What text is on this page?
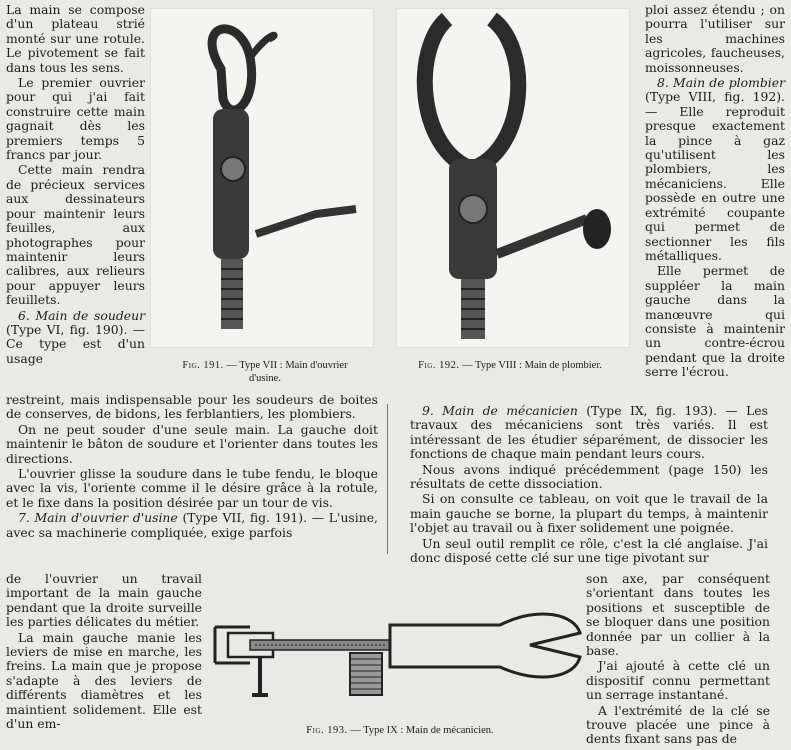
La main se compose d'un plateau strié monté sur une rotule. Le pivotement se fait dans tous les sens.

Le premier ouvrier pour qui j'ai fait construire cette main gagnait dès les premiers temps 5 francs par jour.

Cette main rendra de précieux services aux dessinateurs pour maintenir leurs feuilles, aux photographes pour maintenir leurs calibres, aux relieurs pour appuyer leurs feuillets.

6. Main de soudeur (Type VI, fig. 190). — Ce type est d'un usage	Fig. 191. — Type VII : Main d'ouvrier d'usine.
Fig. 192. — Type VIII : Main de plombier.

ploi assez étendu ; on pourra l'utiliser sur les machines agricoles, faucheuses, moissonneuses.

8. Main de plombier (Type VIII, fig. 192). — Elle reproduit presque exactement la pince à gaz qu'utilisent les plombiers, les mécaniciens. Elle possède en outre une extrémité coupante qui permet de sectionner les fils métalliques.

Elle permet de suppléer la main gauche dans la manœuvre qui consiste à maintenir un contre-écrou pendant que la droite serre l'écrou.

restreint, mais indispensable pour les soudeurs de boites de conserves, de bidons, les ferblantiers, les plombiers.

On ne peut souder d'une seule main. La gauche doit maintenir le bâton de soudure et l'orienter dans toutes les directions.

L'ouvrier glisse la soudure dans le tube fendu, le bloque avec la vis, l'oriente comme il le désire grâce à la rotule, et le fixe dans la position désirée par un tour de vis.

7. Main d'ouvrier d'usine (Type VII, fig. 191). — L'usine, avec sa machinerie compliquée, exige parfois

9. Main de mécanicien (Type IX, fig. 193). — Les travaux des mécaniciens sont très variés. Il est intéressant de les étudier séparément, de dissocier les fonctions de chaque main pendant leurs cours.

Nous avons indiqué précédemment (page 150) les résultats de cette dissociation.

Si on consulte ce tableau, on voit que le travail de la main gauche se borne, la plupart du temps, à maintenir l'objet au travail ou à fixer solidement une poignée.

Un seul outil remplit ce rôle, c'est la clé anglaise. J'ai donc disposé cette clé sur une tige pivotant sur

de l'ouvrier un travail important de la main gauche pendant que la droite surveille les parties délicates du métier.

La main gauche manie les leviers de mise en marche, les freins. La main que je propose s'adapte à des leviers de différents diamètres et les maintient solidement. Elle est d'un em-	Fig. 193. — Type IX : Main de mécanicien.

son axe, par conséquent s'orientant dans toutes les positions et susceptible de se bloquer dans une position donnée par un collier à la base.

J'ai ajouté à cette clé un dispositif connu permettant un serrage instantané.

A l'extrémité de la clé se trouve placée une pince à dents fixant sans pas de
